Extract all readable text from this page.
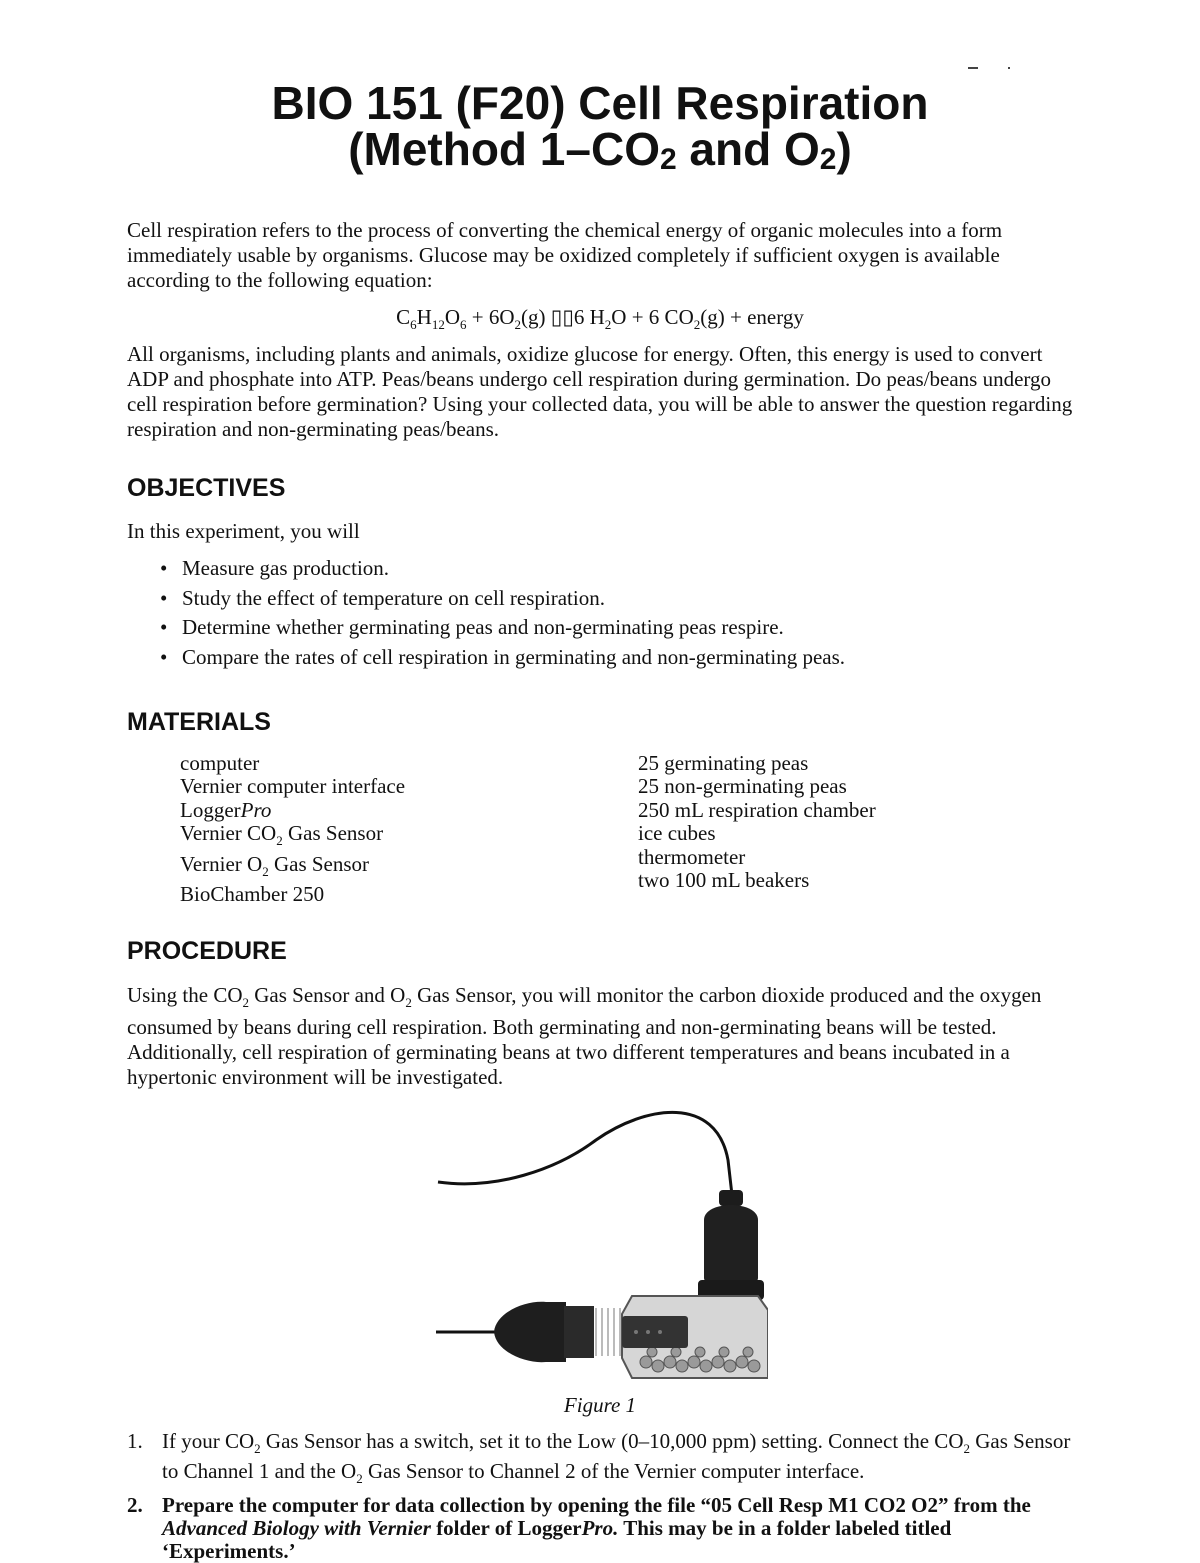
BIO 151 (F20) Cell Respiration
(Method $1-CO_2$ and $O_2$)
Cell respiration refers to the process of converting the chemical energy of organic molecules into a form immediately usable by organisms. Glucose may be oxidized completely if sufficient oxygen is available according to the following equation:
$C_6H_{12}O_6 + 6O_2(g)$ ▯▯6 $H_2O + 6$ $CO_2(g)$ + energy
All organisms, including plants and animals, oxidize glucose for energy. Often, this energy is used to convert ADP and phosphate into ATP. Peas/beans undergo cell respiration during germination. Do peas/beans undergo cell respiration before germination? Using your collected data, you will be able to answer the question regarding respiration and non-germinating peas/beans.
OBJECTIVES
In this experiment, you will
• Measure gas production.
• Study the effect of temperature on cell respiration.
• Determine whether germinating peas and non-germinating peas respire.
• Compare the rates of cell respiration in germinating and non-germinating peas.
MATERIALS
computer
Vernier computer interface
LoggerPro
Vernier $CO_2$ Gas Sensor
Vernier $O_2$ Gas Sensor
BioChamber 250
25 germinating peas
25 non-germinating peas
250 mL respiration chamber
ice cubes
thermometer
two 100 mL beakers
PROCEDURE
Using the $CO_2$ Gas Sensor and $O_2$ Gas Sensor, you will monitor the carbon dioxide produced and the oxygen consumed by beans during cell respiration. Both germinating and non-germinating beans will be tested. Additionally, cell respiration of germinating beans at two different temperatures and beans incubated in a hypertonic environment will be investigated.
Figure 1
1. If your $CO_2$ Gas Sensor has a switch, set it to the Low (0–10,000 ppm) setting. Connect the $CO_2$ Gas Sensor to Channel 1 and the $O_2$ Gas Sensor to Channel 2 of the Vernier computer interface.
2. Prepare the computer for data collection by opening the file “05 Cell Resp M1 CO2 O2” from the Advanced Biology with Vernier folder of LoggerPro. This may be in a folder labeled titled ‘Experiments.’
